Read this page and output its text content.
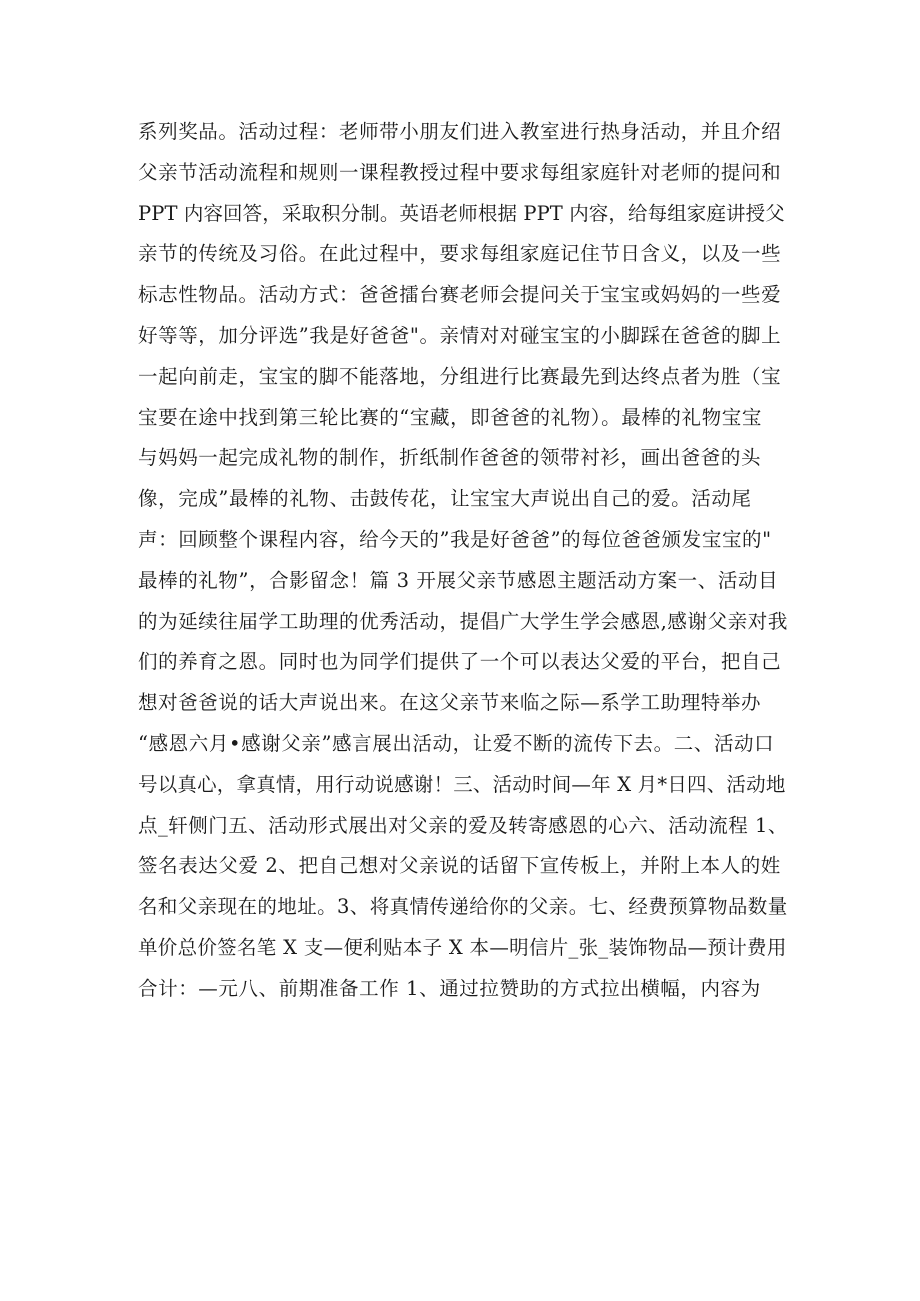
系列奖品。活动过程：老师带小朋友们进入教室进行热身活动，并且介绍
父亲节活动流程和规则一课程教授过程中要求每组家庭针对老师的提问和
PPT 内容回答，采取积分制。英语老师根据 PPT 内容，给每组家庭讲授父
亲节的传统及习俗。在此过程中，要求每组家庭记住节日含义，以及一些
标志性物品。活动方式：爸爸擂台赛老师会提问关于宝宝或妈妈的一些爱
好等等，加分评选”我是好爸爸"。亲情对对碰宝宝的小脚踩在爸爸的脚上
一起向前走，宝宝的脚不能落地，分组进行比赛最先到达终点者为胜（宝
宝要在途中找到第三轮比赛的“宝藏，即爸爸的礼物）。最棒的礼物宝宝
与妈妈一起完成礼物的制作，折纸制作爸爸的领带衬衫，画出爸爸的头
像，完成”最棒的礼物、击鼓传花，让宝宝大声说出自己的爱。活动尾
声：回顾整个课程内容，给今天的”我是好爸爸”的每位爸爸颁发宝宝的"
最棒的礼物”，合影留念！篇 3 开展父亲节感恩主题活动方案一、活动目
的为延续往届学工助理的优秀活动，提倡广大学生学会感恩,感谢父亲对我
们的养育之恩。同时也为同学们提供了一个可以表达父爱的平台，把自己
想对爸爸说的话大声说出来。在这父亲节来临之际—系学工助理特举办
“感恩六月•感谢父亲”感言展出活动，让爱不断的流传下去。二、活动口
号以真心，拿真情，用行动说感谢！三、活动时间—年 X 月*日四、活动地
点_轩侧门五、活动形式展出对父亲的爱及转寄感恩的心六、活动流程 1、
签名表达父爱 2、把自己想对父亲说的话留下宣传板上，并附上本人的姓
名和父亲现在的地址。3、将真情传递给你的父亲。七、经费预算物品数量
单价总价签名笔 X 支—便利贴本子 X 本—明信片_张_装饰物品—预计费用
合计：—元八、前期准备工作 1、通过拉赞助的方式拉出横幅，内容为
